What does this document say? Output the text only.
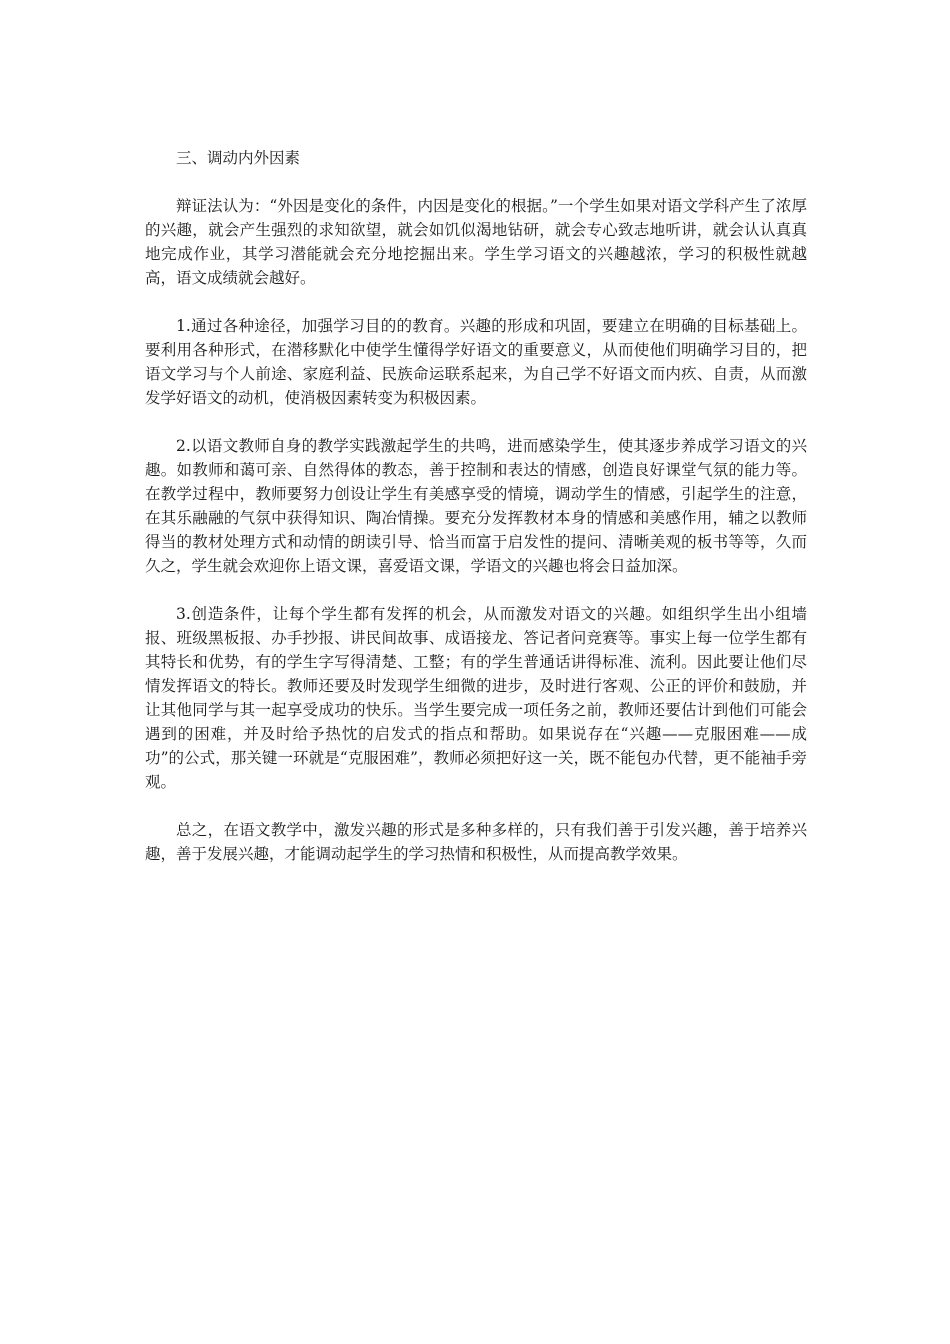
三、调动内外因素

辩证法认为：“外因是变化的条件，内因是变化的根据。”一个学生如果对语文学科产生了浓厚的兴趣，就会产生强烈的求知欲望，就会如饥似渴地钻研，就会专心致志地听讲，就会认认真真地完成作业，其学习潜能就会充分地挖掘出来。学生学习语文的兴趣越浓，学习的积极性就越高，语文成绩就会越好。

1.通过各种途径，加强学习目的的教育。兴趣的形成和巩固，要建立在明确的目标基础上。要利用各种形式，在潜移默化中使学生懂得学好语文的重要意义，从而使他们明确学习目的，把语文学习与个人前途、家庭利益、民族命运联系起来，为自己学不好语文而内疚、自责，从而激发学好语文的动机，使消极因素转变为积极因素。

2.以语文教师自身的教学实践激起学生的共鸣，进而感染学生，使其逐步养成学习语文的兴趣。如教师和蔼可亲、自然得体的教态，善于控制和表达的情感，创造良好课堂气氛的能力等。在教学过程中，教师要努力创设让学生有美感享受的情境，调动学生的情感，引起学生的注意，在其乐融融的气氛中获得知识、陶冶情操。要充分发挥教材本身的情感和美感作用，辅之以教师得当的教材处理方式和动情的朗读引导、恰当而富于启发性的提问、清晰美观的板书等等，久而久之，学生就会欢迎你上语文课，喜爱语文课，学语文的兴趣也将会日益加深。

3.创造条件，让每个学生都有发挥的机会，从而激发对语文的兴趣。如组织学生出小组墙报、班级黑板报、办手抄报、讲民间故事、成语接龙、答记者问竞赛等。事实上每一位学生都有其特长和优势，有的学生字写得清楚、工整；有的学生普通话讲得标准、流利。因此要让他们尽情发挥语文的特长。教师还要及时发现学生细微的进步，及时进行客观、公正的评价和鼓励，并让其他同学与其一起享受成功的快乐。当学生要完成一项任务之前，教师还要估计到他们可能会遇到的困难，并及时给予热忱的启发式的指点和帮助。如果说存在“兴趣——克服困难——成功”的公式，那关键一环就是“克服困难”，教师必须把好这一关，既不能包办代替，更不能袖手旁观。

总之，在语文教学中，激发兴趣的形式是多种多样的，只有我们善于引发兴趣，善于培养兴趣，善于发展兴趣，才能调动起学生的学习热情和积极性，从而提高教学效果。
